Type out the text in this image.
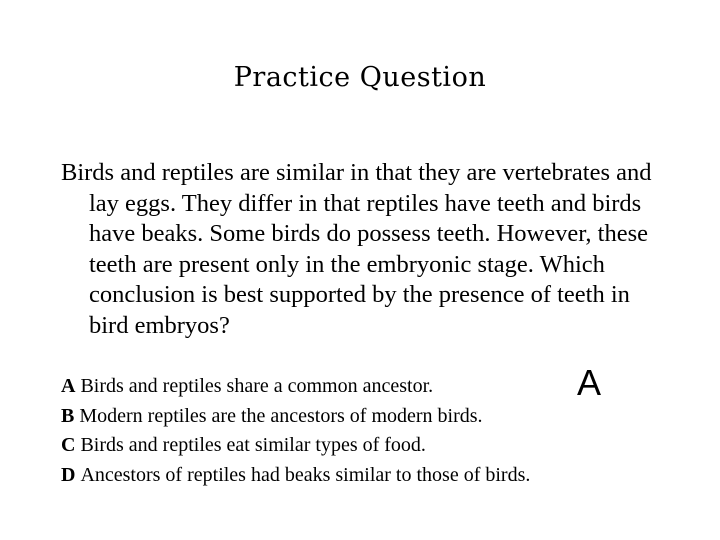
Practice Question

Birds and reptiles are similar in that they are vertebrates and lay eggs. They differ in that reptiles have teeth and birds have beaks. Some birds do possess teeth. However, these teeth are present only in the embryonic stage. Which conclusion is best supported by the presence of teeth in bird embryos?

A Birds and reptiles share a common ancestor.
B Modern reptiles are the ancestors of modern birds.
C Birds and reptiles eat similar types of food.
D Ancestors of reptiles had beaks similar to those of birds.
A
